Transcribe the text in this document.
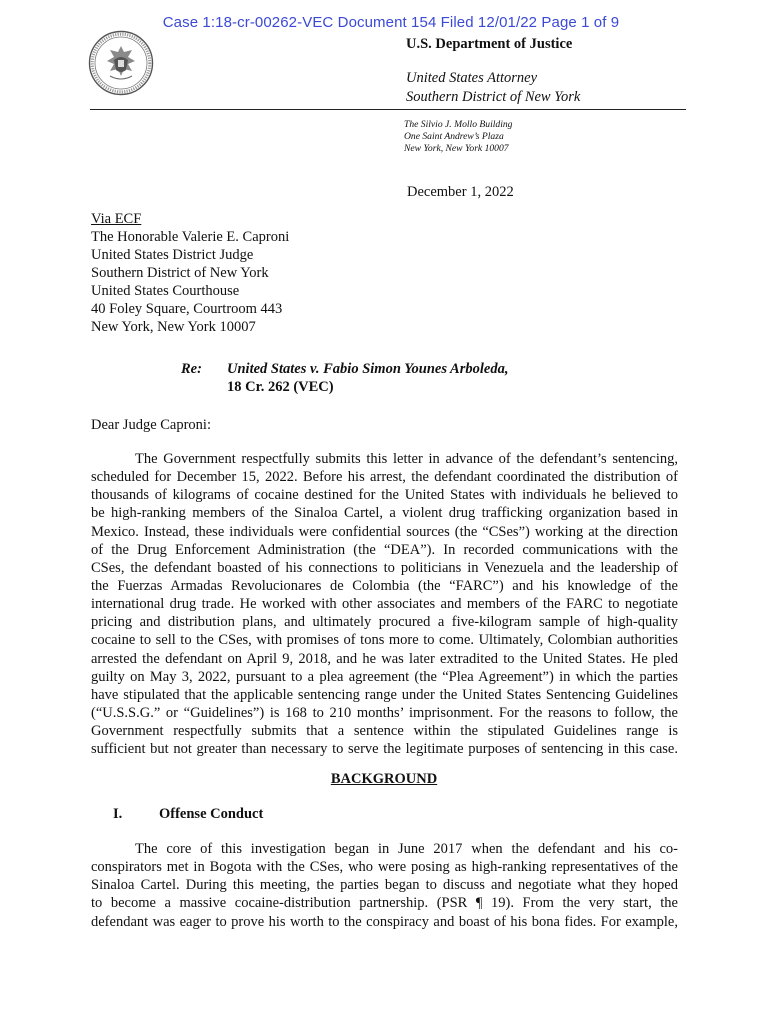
Case 1:18-cr-00262-VEC Document 154 Filed 12/01/22 Page 1 of 9
U.S. Department of Justice
United States Attorney
Southern District of New York
The Silvio J. Mollo Building
One Saint Andrew’s Plaza
New York, New York 10007
December 1, 2022
Via ECF
The Honorable Valerie E. Caproni
United States District Judge
Southern District of New York
United States Courthouse
40 Foley Square, Courtroom 443
New York, New York 10007
Re: United States v. Fabio Simon Younes Arboleda,
18 Cr. 262 (VEC)
Dear Judge Caproni:
The Government respectfully submits this letter in advance of the defendant’s sentencing,
scheduled for December 15, 2022. Before his arrest, the defendant coordinated the distribution of
thousands of kilograms of cocaine destined for the United States with individuals he believed to
be high-ranking members of the Sinaloa Cartel, a violent drug trafficking organization based in
Mexico. Instead, these individuals were confidential sources (the “CSes”) working at the direction
of the Drug Enforcement Administration (the “DEA”). In recorded communications with the
CSes, the defendant boasted of his connections to politicians in Venezuela and the leadership of
the Fuerzas Armadas Revolucionares de Colombia (the “FARC”) and his knowledge of the
international drug trade. He worked with other associates and members of the FARC to negotiate
pricing and distribution plans, and ultimately procured a five-kilogram sample of high-quality
cocaine to sell to the CSes, with promises of tons more to come. Ultimately, Colombian authorities
arrested the defendant on April 9, 2018, and he was later extradited to the United States. He pled
guilty on May 3, 2022, pursuant to a plea agreement (the “Plea Agreement”) in which the parties
have stipulated that the applicable sentencing range under the United States Sentencing Guidelines
(“U.S.S.G.” or “Guidelines”) is 168 to 210 months’ imprisonment. For the reasons to follow, the
Government respectfully submits that a sentence within the stipulated Guidelines range is
sufficient but not greater than necessary to serve the legitimate purposes of sentencing in this case.
BACKGROUND
I.	Offense Conduct
The core of this investigation began in June 2017 when the defendant and his co-
conspirators met in Bogota with the CSes, who were posing as high-ranking representatives of the
Sinaloa Cartel. During this meeting, the parties began to discuss and negotiate what they hoped
to become a massive cocaine-distribution partnership. (PSR ¶ 19). From the very start, the
defendant was eager to prove his worth to the conspiracy and boast of his bona fides. For example,
